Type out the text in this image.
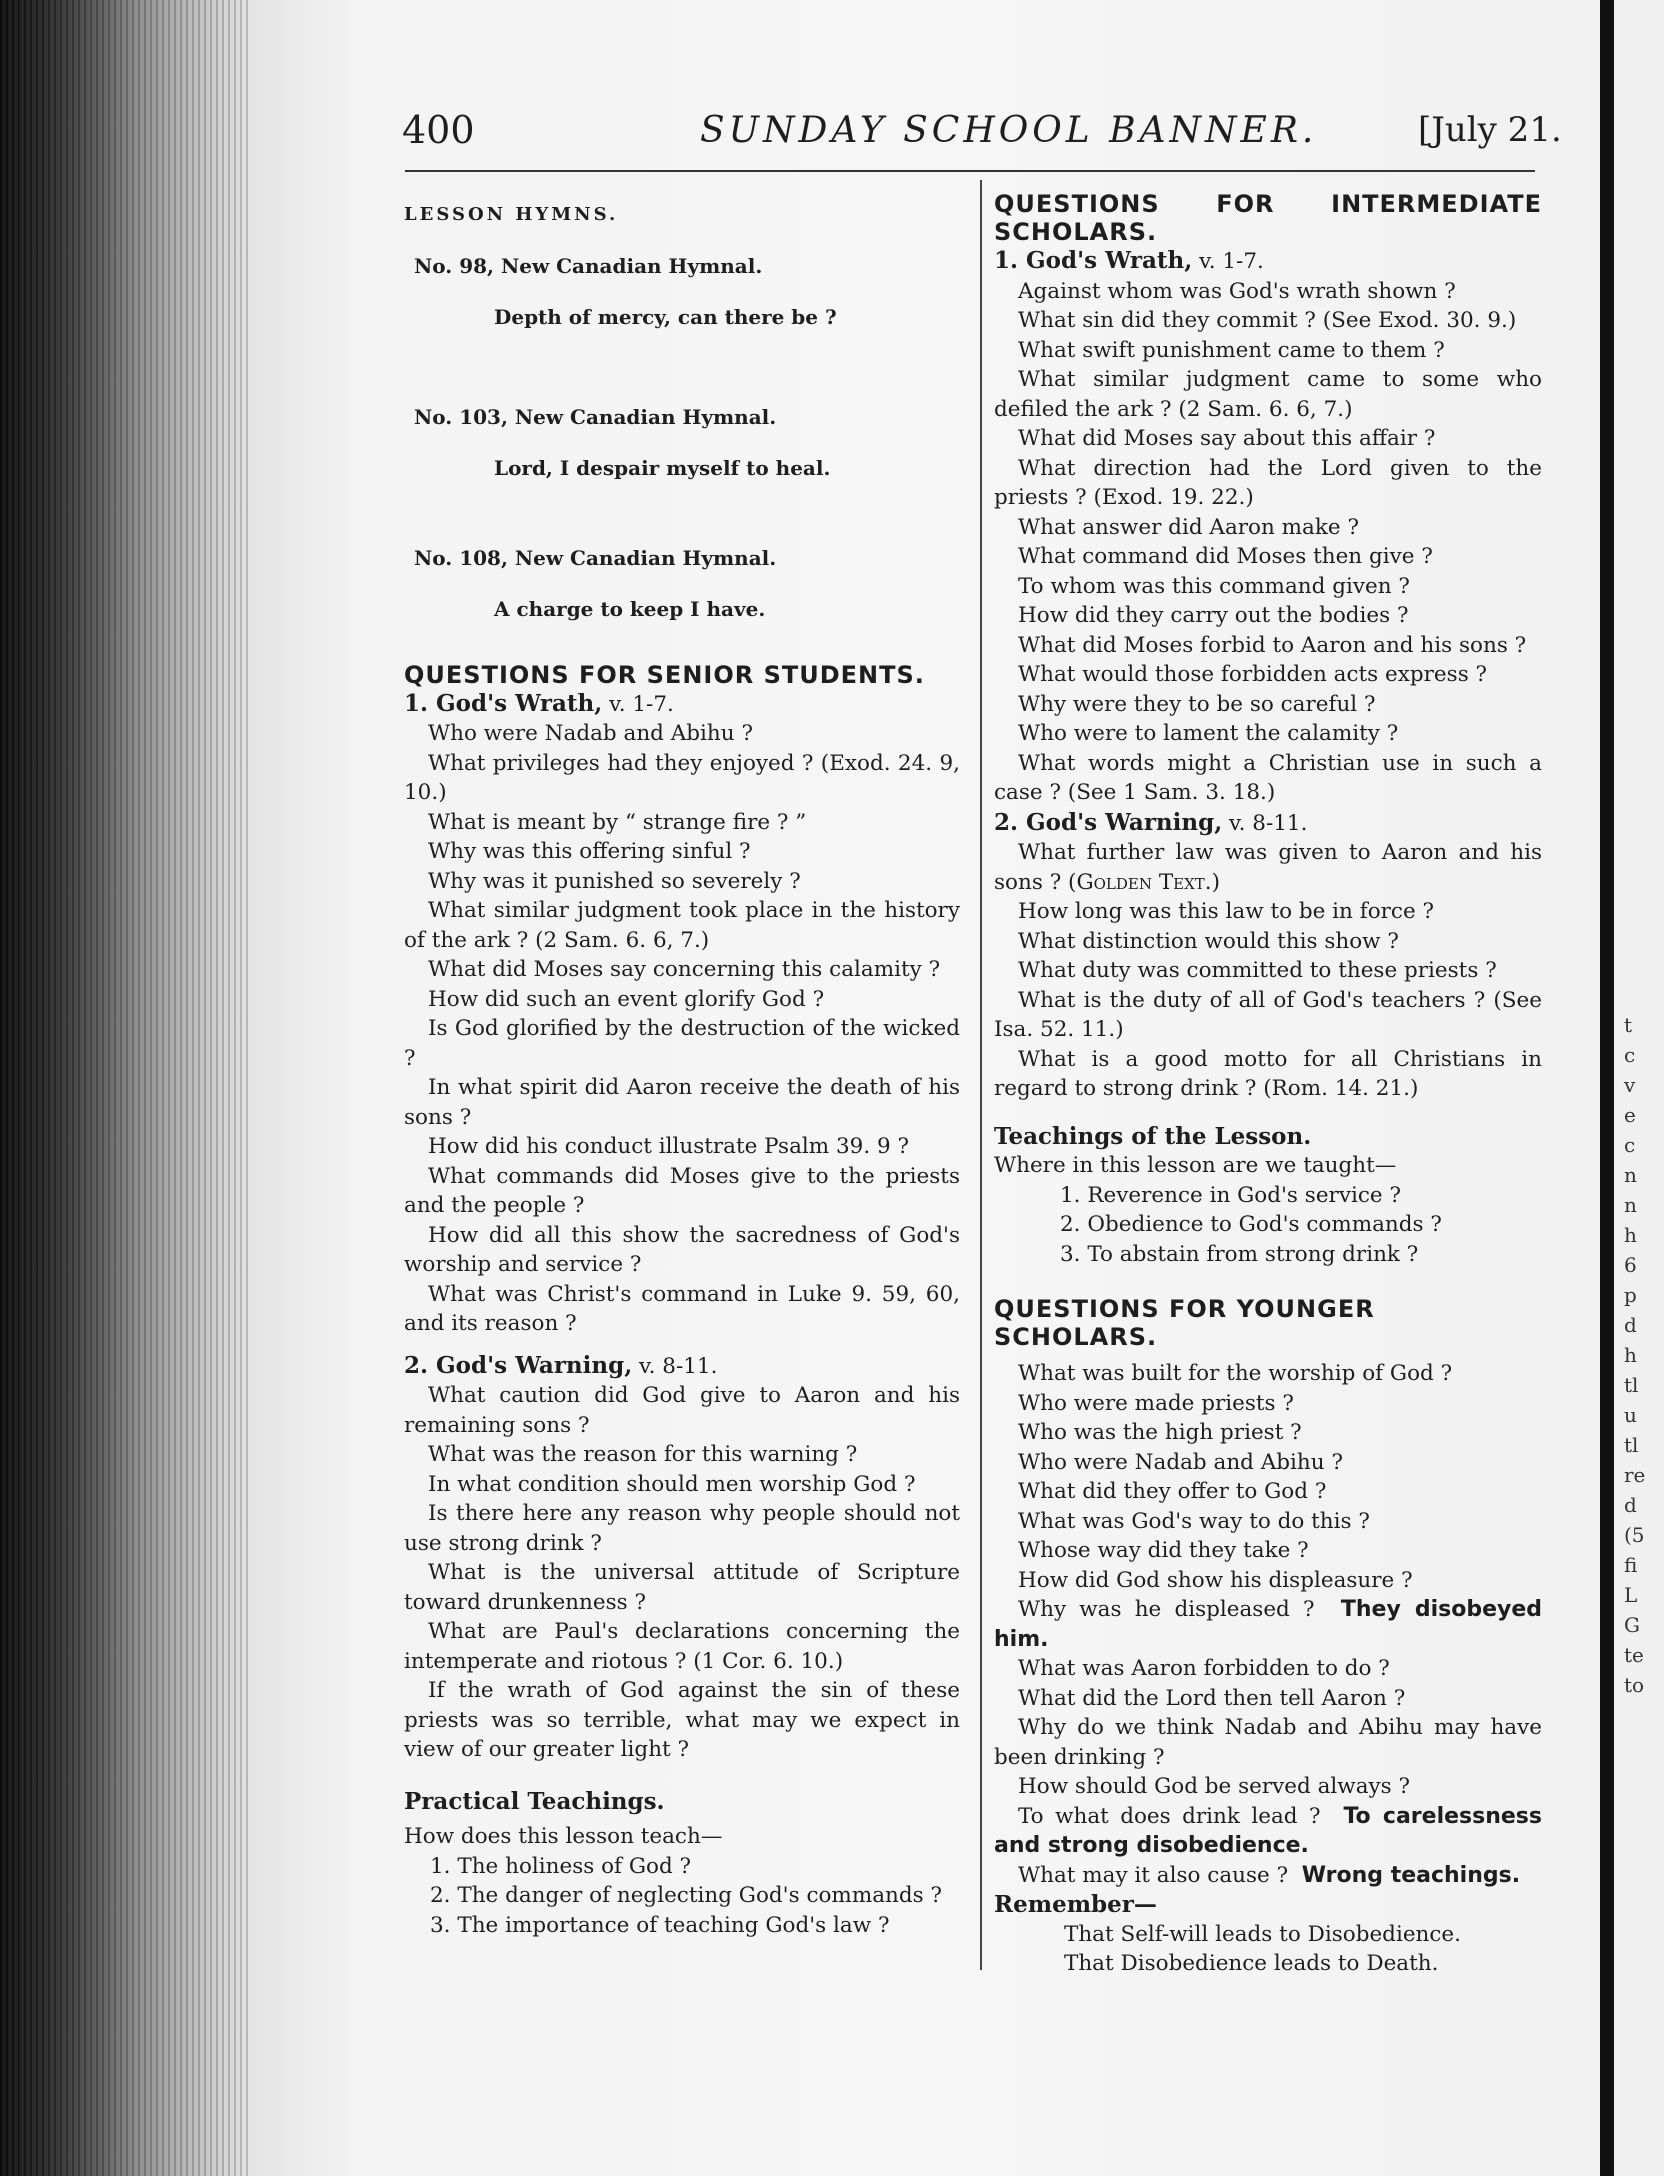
t
c
v
e
c
n
n
h
6
p
d
h
tl
u
tl
re
d
(5
fi
L
G
te
to
400	SUNDAY SCHOOL BANNER.	[July 21.

LESSON HYMNS.

No. 98, New Canadian Hymnal.

Depth of mercy, can there be ?

No. 103, New Canadian Hymnal.

Lord, I despair myself to heal.

No. 108, New Canadian Hymnal.

A charge to keep I have.

QUESTIONS FOR SENIOR STUDENTS.

1. God's Wrath, v. 1-7.

Who were Nadab and Abihu ?

What privileges had they enjoyed ? (Exod. 24. 9, 10.)

What is meant by “ strange fire ? ”

Why was this offering sinful ?

Why was it punished so severely ?

What similar judgment took place in the history of the ark ? (2 Sam. 6. 6, 7.)

What did Moses say concerning this calamity ?

How did such an event glorify God ?

Is God glorified by the destruction of the wicked ?

In what spirit did Aaron receive the death of his sons ?

How did his conduct illustrate Psalm 39. 9 ?

What commands did Moses give to the priests and the people ?

How did all this show the sacredness of God's worship and service ?

What was Christ's command in Luke 9. 59, 60, and its reason ?

2. God's Warning, v. 8-11.

What caution did God give to Aaron and his remaining sons ?

What was the reason for this warning ?

In what condition should men worship God ?

Is there here any reason why people should not use strong drink ?

What is the universal attitude of Scripture toward drunkenness ?

What are Paul's declarations concerning the intemperate and riotous ? (1 Cor. 6. 10.)

If the wrath of God against the sin of these priests was so terrible, what may we expect in view of our greater light ?

Practical Teachings.

How does this lesson teach—

1. The holiness of God ?

2. The danger of neglecting God's commands ?

3. The importance of teaching God's law ?

QUESTIONS FOR INTERMEDIATE

SCHOLARS.

1. God's Wrath, v. 1-7.

Against whom was God's wrath shown ?

What sin did they commit ? (See Exod. 30. 9.)

What swift punishment came to them ?

What similar judgment came to some who defiled the ark ? (2 Sam. 6. 6, 7.)

What did Moses say about this affair ?

What direction had the Lord given to the priests ? (Exod. 19. 22.)

What answer did Aaron make ?

What command did Moses then give ?

To whom was this command given ?

How did they carry out the bodies ?

What did Moses forbid to Aaron and his sons ?

What would those forbidden acts express ?

Why were they to be so careful ?

Who were to lament the calamity ?

What words might a Christian use in such a case ? (See 1 Sam. 3. 18.)

2. God's Warning, v. 8-11.

What further law was given to Aaron and his sons ? (Golden Text.)

How long was this law to be in force ?

What distinction would this show ?

What duty was committed to these priests ?

What is the duty of all of God's teachers ? (See Isa. 52. 11.)

What is a good motto for all Christians in regard to strong drink ? (Rom. 14. 21.)

Teachings of the Lesson.

Where in this lesson are we taught—

1. Reverence in God's service ?

2. Obedience to God's commands ?

3. To abstain from strong drink ?

QUESTIONS FOR YOUNGER

SCHOLARS.

What was built for the worship of God ?

Who were made priests ?

Who was the high priest ?

Who were Nadab and Abihu ?

What did they offer to God ?

What was God's way to do this ?

Whose way did they take ?

How did God show his displeasure ?

Why was he displeased ? They disobeyed him.

What was Aaron forbidden to do ?

What did the Lord then tell Aaron ?

Why do we think Nadab and Abihu may have been drinking ?

How should God be served always ?

To what does drink lead ? To carelessness and strong disobedience.

What may it also cause ? Wrong teachings.

Remember—

That Self-will leads to Disobedience.

That Disobedience leads to Death.
